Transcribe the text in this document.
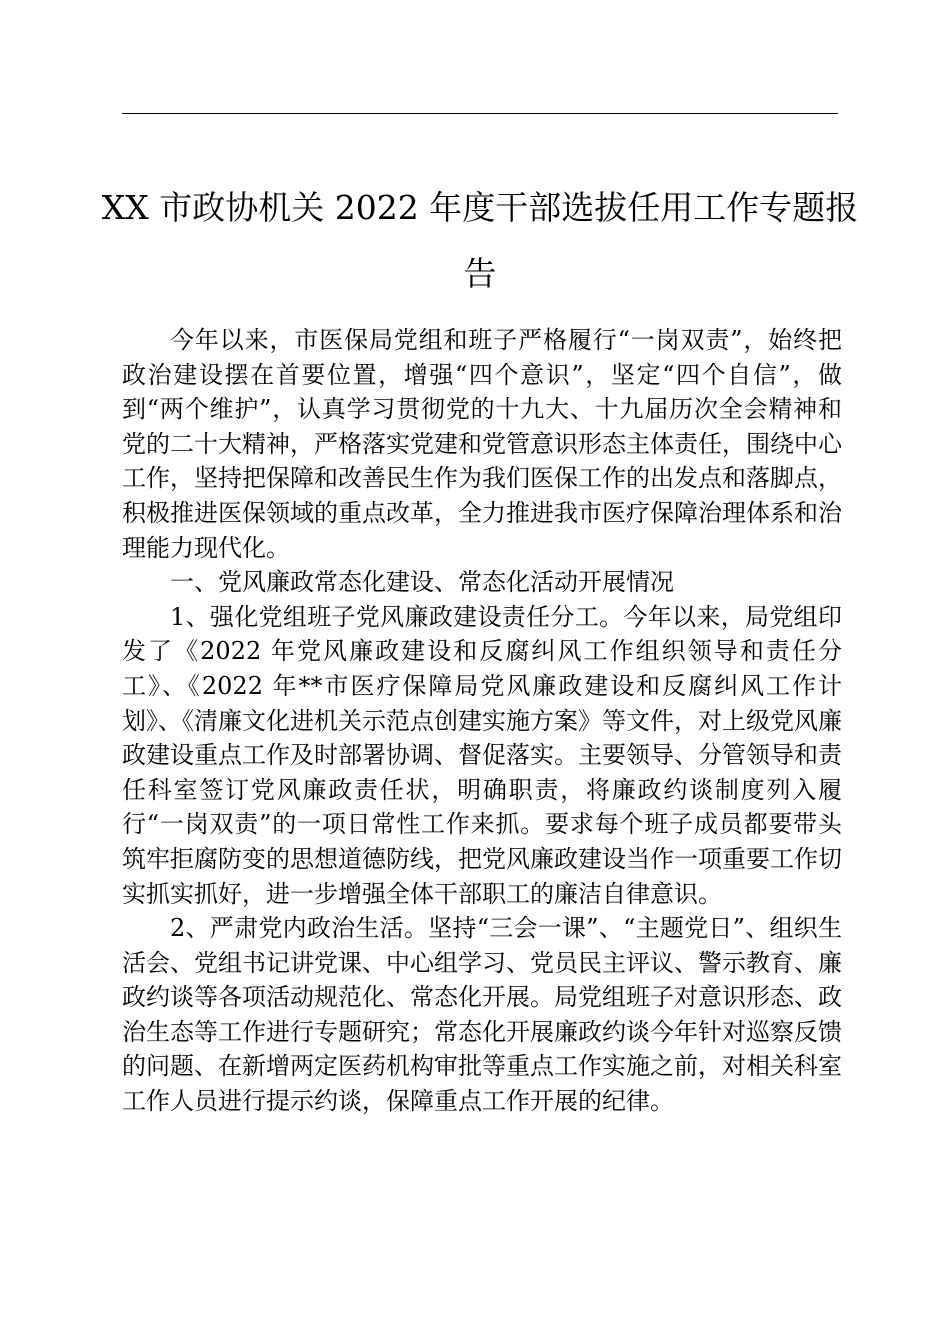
XX 市政协机关 2022 年度干部选拔任用工作专题报告

今年以来，市医保局党组和班子严格履行“一岗双责”，始终把政治建设摆在首要位置，增强“四个意识”，坚定“四个自信”，做到“两个维护”，认真学习贯彻党的十九大、十九届历次全会精神和党的二十大精神，严格落实党建和党管意识形态主体责任，围绕中心工作，坚持把保障和改善民生作为我们医保工作的出发点和落脚点，积极推进医保领域的重点改革，全力推进我市医疗保障治理体系和治理能力现代化。

一、党风廉政常态化建设、常态化活动开展情况

1、强化党组班子党风廉政建设责任分工。今年以来，局党组印发了《2022 年党风廉政建设和反腐纠风工作组织领导和责任分工》、《2022 年**市医疗保障局党风廉政建设和反腐纠风工作计划》、《清廉文化进机关示范点创建实施方案》等文件，对上级党风廉政建设重点工作及时部署协调、督促落实。主要领导、分管领导和责任科室签订党风廉政责任状，明确职责，将廉政约谈制度列入履行“一岗双责”的一项日常性工作来抓。要求每个班子成员都要带头筑牢拒腐防变的思想道德防线，把党风廉政建设当作一项重要工作切实抓实抓好，进一步增强全体干部职工的廉洁自律意识。

2、严肃党内政治生活。坚持“三会一课”、“主题党日”、组织生活会、党组书记讲党课、中心组学习、党员民主评议、警示教育、廉政约谈等各项活动规范化、常态化开展。局党组班子对意识形态、政治生态等工作进行专题研究；常态化开展廉政约谈今年针对巡察反馈的问题、在新增两定医药机构审批等重点工作实施之前，对相关科室工作人员进行提示约谈，保障重点工作开展的纪律。
